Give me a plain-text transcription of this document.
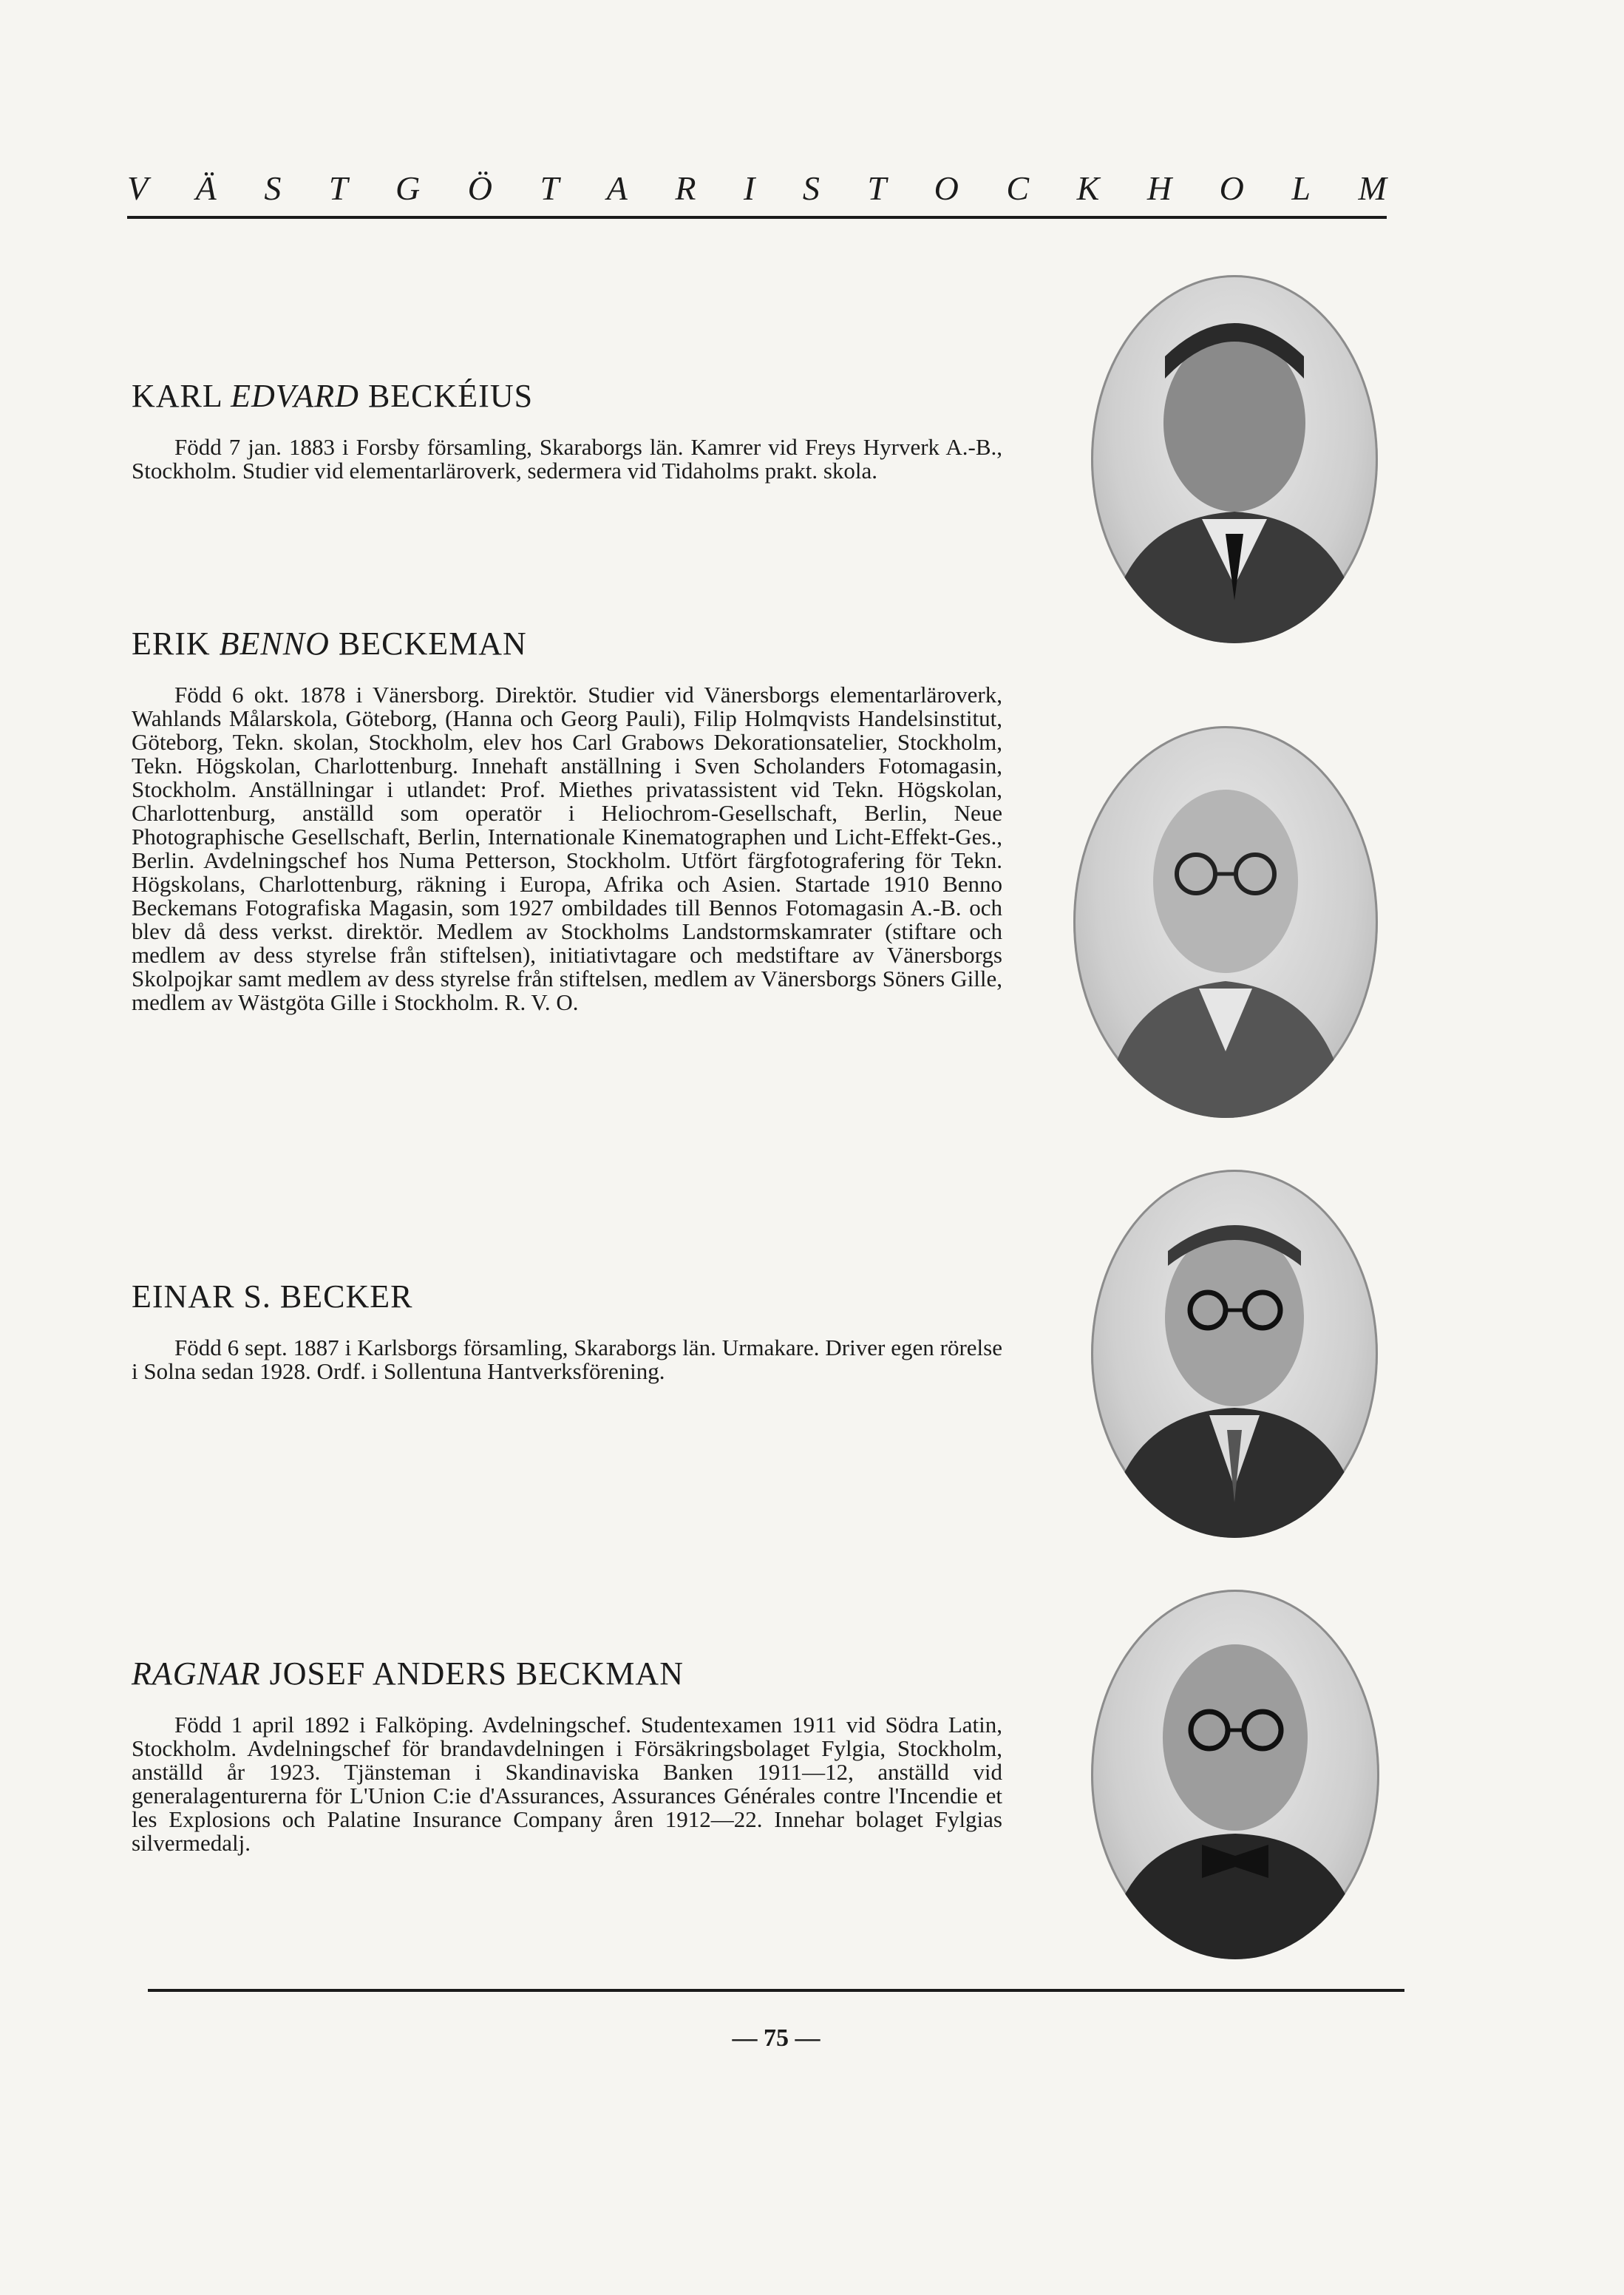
V Ä S T G Ö T A R I S T O C K H O L M
KARL EDVARD BECKÉIUS

Född 7 jan. 1883 i Forsby församling, Skaraborgs län. Kamrer vid Freys Hyrverk A.-B., Stockholm. Studier vid elementarläroverk, sedermera vid Tidaholms prakt. skola.

ERIK BENNO BECKEMAN

Född 6 okt. 1878 i Vänersborg. Direktör. Studier vid Vänersborgs elementarläroverk, Wahlands Målarskola, Göteborg, (Hanna och Georg Pauli), Filip Holmqvists Handelsinstitut, Göteborg, Tekn. skolan, Stockholm, elev hos Carl Grabows Dekorationsatelier, Stockholm, Tekn. Högskolan, Charlottenburg. Innehaft anställning i Sven Scholanders Fotomagasin, Stockholm. Anställningar i utlandet: Prof. Miethes privatassistent vid Tekn. Högskolan, Charlottenburg, anställd som operatör i Heliochrom-Gesellschaft, Berlin, Neue Photographische Gesellschaft, Berlin, Internationale Kinematographen und Licht-Effekt-Ges., Berlin. Avdelningschef hos Numa Petterson, Stockholm. Utfört färgfotografering för Tekn. Högskolans, Charlottenburg, räkning i Europa, Afrika och Asien. Startade 1910 Benno Beckemans Fotografiska Magasin, som 1927 ombildades till Bennos Fotomagasin A.-B. och blev då dess verkst. direktör. Medlem av Stockholms Landstormskamrater (stiftare och medlem av dess styrelse från stiftelsen), initiativtagare och medstiftare av Vänersborgs Skolpojkar samt medlem av dess styrelse från stiftelsen, medlem av Vänersborgs Söners Gille, medlem av Wästgöta Gille i Stockholm. R. V. O.

EINAR S. BECKER

Född 6 sept. 1887 i Karlsborgs församling, Skaraborgs län. Urmakare. Driver egen rörelse i Solna sedan 1928. Ordf. i Sollentuna Hantverksförening.

RAGNAR JOSEF ANDERS BECKMAN

Född 1 april 1892 i Falköping. Avdelningschef. Studentexamen 1911 vid Södra Latin, Stockholm. Avdelningschef för brandavdelningen i Försäkringsbolaget Fylgia, Stockholm, anställd år 1923. Tjänsteman i Skandinaviska Banken 1911—12, anställd vid generalagenturerna för L'Union C:ie d'Assurances, Assurances Générales contre l'Incendie et les Explosions och Palatine Insurance Company åren 1912—22. Innehar bolaget Fylgias silvermedalj.

— 75 —
